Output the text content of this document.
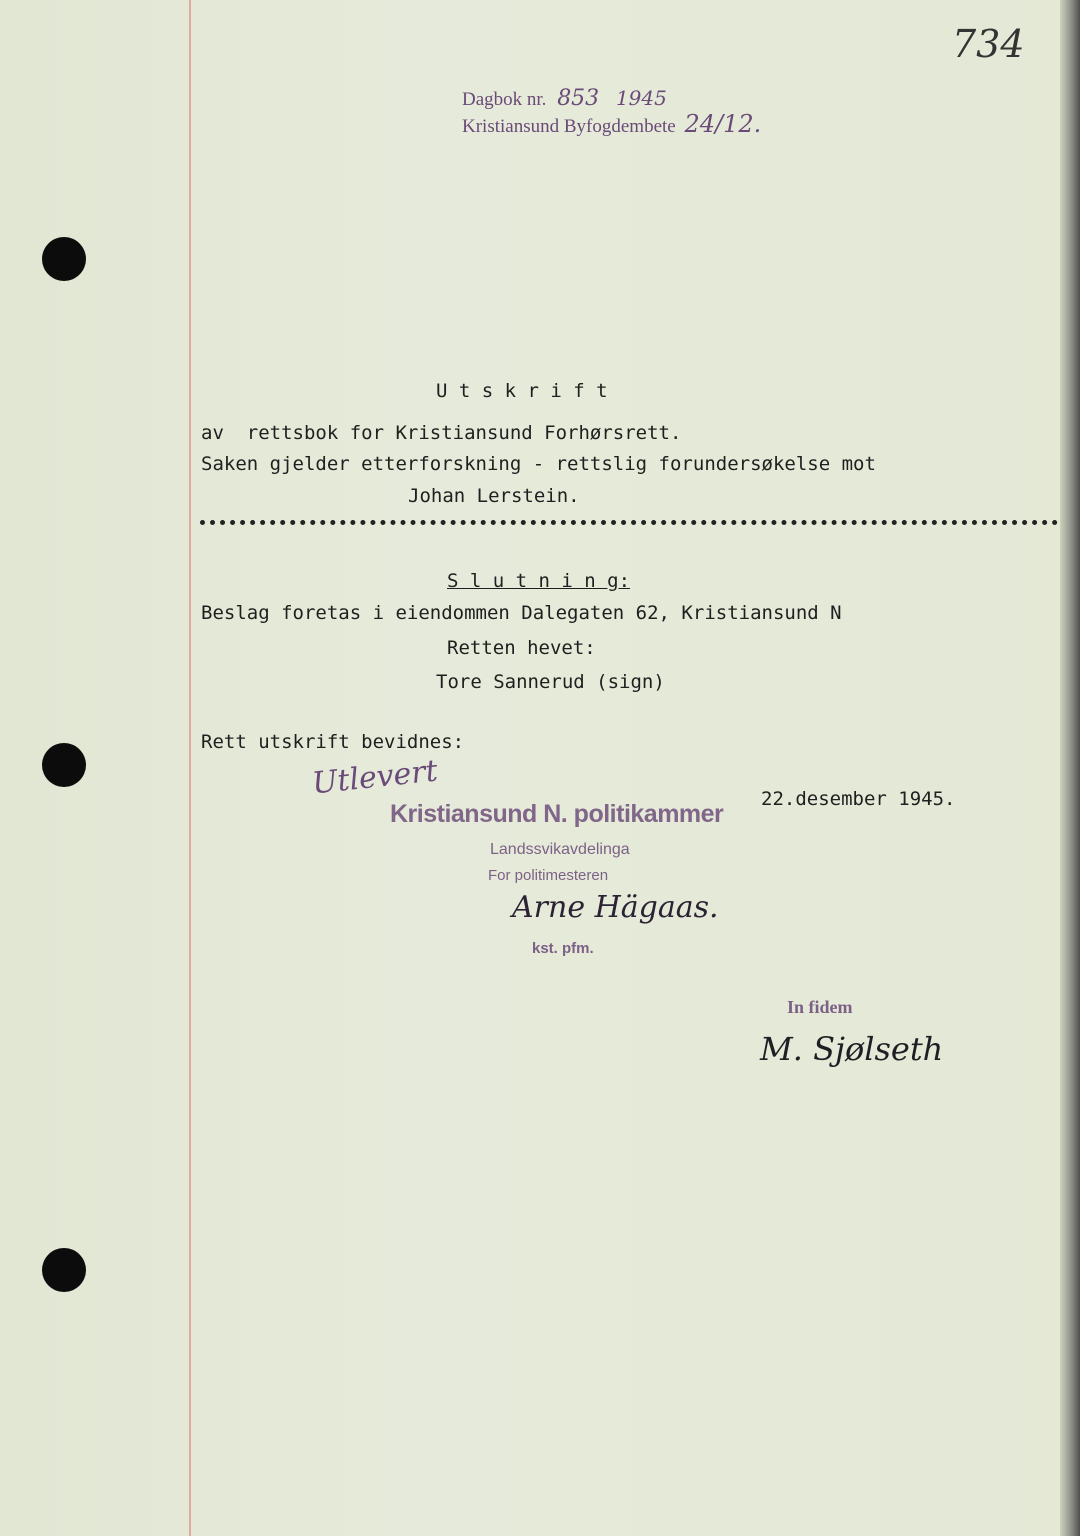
734
Dagbok nr. 853 1945
Kristiansund Byfogdembete 24/12.
U t s k r i f t
av  rettsbok for Kristiansund Forhørsrett.
Saken gjelder etterforskning - rettslig forundersøkelse mot
Johan Lerstein.
S l u t n i n g:
Beslag foretas i eiendommen Dalegaten 62, Kristiansund N
Retten hevet:
Tore Sannerud (sign)
Rett utskrift bevidnes:
22.desember 1945.
Utlevert
Kristiansund N. politikammer
Landssvikavdelinga
For politimesteren
Arne Hägaas.
kst. pfm.
In fidem
M. Sjølseth
